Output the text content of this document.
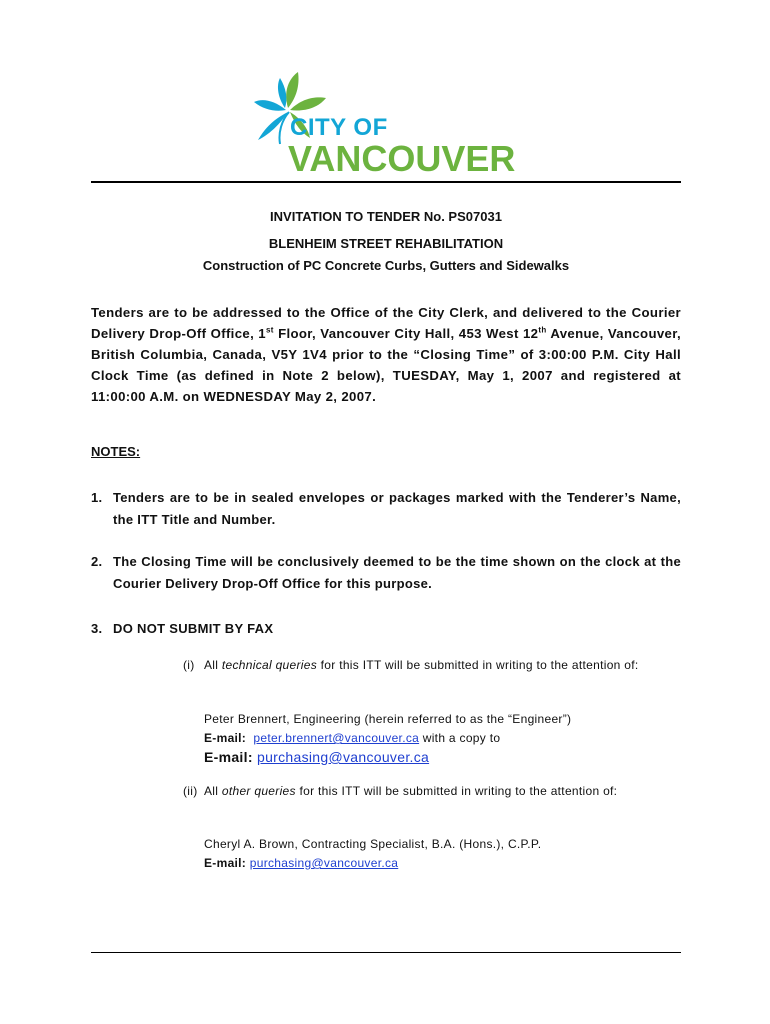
CITY OF
VANCOUVER
INVITATION TO TENDER No. PS07031
BLENHEIM STREET REHABILITATION
Construction of PC Concrete Curbs, Gutters and Sidewalks
Tenders are to be addressed to the Office of the City Clerk, and delivered to the Courier Delivery Drop-Off Office, 1st Floor, Vancouver City Hall, 453 West 12th Avenue, Vancouver, British Columbia, Canada, V5Y 1V4 prior to the “Closing Time” of 3:00:00 P.M. City Hall Clock Time (as defined in Note 2 below), TUESDAY, May 1, 2007 and registered at 11:00:00 A.M. on WEDNESDAY May 2, 2007.
NOTES:
1. Tenders are to be in sealed envelopes or packages marked with the Tenderer’s Name, the ITT Title and Number.
2. The Closing Time will be conclusively deemed to be the time shown on the clock at the Courier Delivery Drop-Off Office for this purpose.
3. DO NOT SUBMIT BY FAX
(i) All technical queries for this ITT will be submitted in writing to the attention of:
Peter Brennert, Engineering (herein referred to as the “Engineer”)
E-mail: peter.brennert@vancouver.ca with a copy to
E-mail: purchasing@vancouver.ca
(ii) All other queries for this ITT will be submitted in writing to the attention of:
Cheryl A. Brown, Contracting Specialist, B.A. (Hons.), C.P.P.
E-mail: purchasing@vancouver.ca
